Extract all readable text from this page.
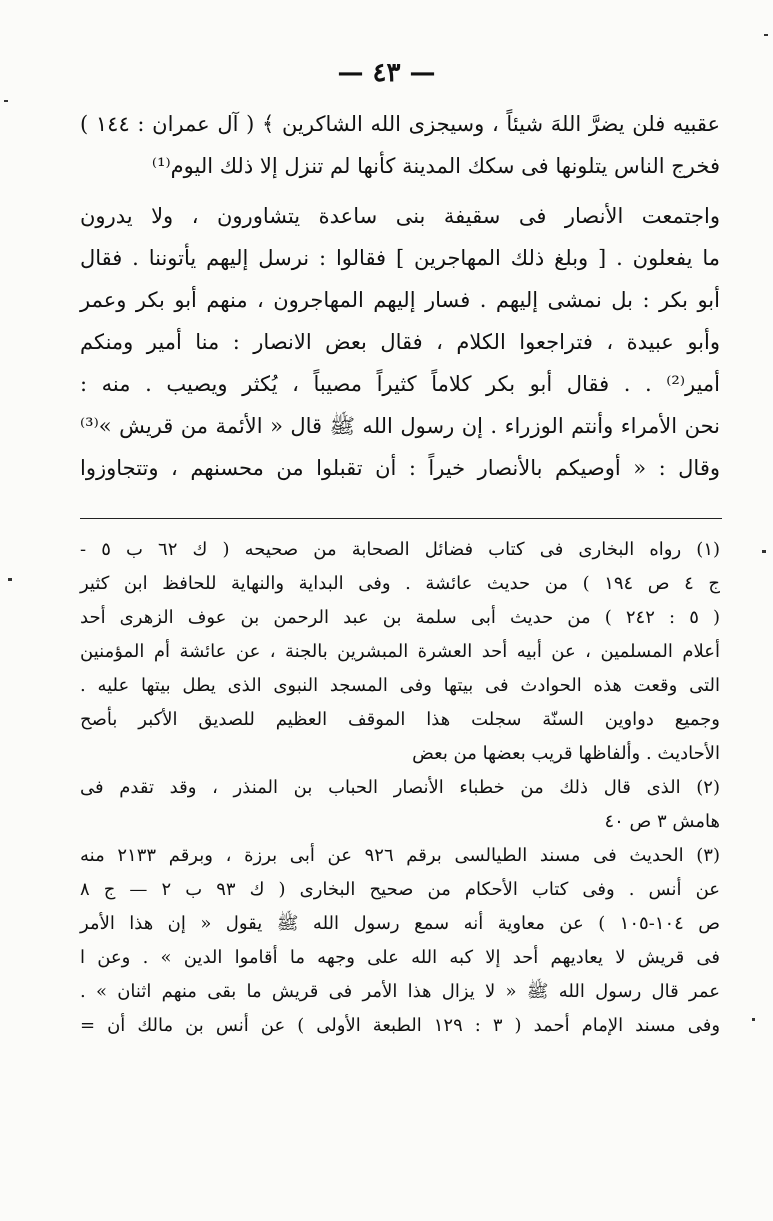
— ٤٣ —
عقبيه فلن يضرَّ اللهَ شيئاً ، وسيجزى الله الشاكرين ﴾ ( آل عمران : ١٤٤ )
فخرج الناس يتلونها فى سكك المدينة كأنها لم تنزل إلا ذلك اليوم⁽¹⁾
واجتمعت الأنصار فى سقيفة بنى ساعدة يتشاورون ، ولا يدرون
ما يفعلون . [ وبلغ ذلك المهاجرين ] فقالوا : نرسل إليهم يأتوننا . فقال
أبو بكر : بل نمشى إليهم . فسار إليهم المهاجرون ، منهم أبو بكر وعمر
وأبو عبيدة ، فتراجعوا الكلام ، فقال بعض الانصار : منا أمير ومنكم
أمير⁽²⁾ . . فقال أبو بكر كلاماً كثيراً مصيباً ، يُكثر ويصيب . منه :
نحن الأمراء وأنتم الوزراء . إن رسول الله ﷺ قال « الأئمة من قريش »⁽³⁾
وقال : « أوصيكم بالأنصار خيراً : أن تقبلوا من محسنهم ، وتتجاوزوا
(١) رواه البخارى فى كتاب فضائل الصحابة من صحيحه ( ك ٦٢ ب ٥ -
ج ٤ ص ١٩٤ ) من حديث عائشة . وفى البداية والنهاية للحافظ ابن كثير
( ٥ : ٢٤٢ ) من حديث أبى سلمة بن عبد الرحمن بن عوف الزهرى أحد
أعلام المسلمين ، عن أبيه أحد العشرة المبشرين بالجنة ، عن عائشة أم المؤمنين
التى وقعت هذه الحوادث فى بيتها وفى المسجد النبوى الذى يطل بيتها عليه .
وجميع دواوين السنّة سجلت هذا الموقف العظيم للصديق الأكبر بأصح
الأحاديث . وألفاظها قريب بعضها من بعض
(٢) الذى قال ذلك من خطباء الأنصار الحباب بن المنذر ، وقد تقدم فى
هامش ٣ ص ٤٠
(٣) الحديث فى مسند الطيالسى برقم ٩٢٦ عن أبى برزة ، وبرقم ٢١٣٣ منه
عن أنس . وفى كتاب الأحكام من صحيح البخارى ( ك ٩٣ ب ٢ — ج ٨
ص ١٠٤-١٠٥ ) عن معاوية أنه سمع رسول الله ﷺ يقول « إن هذا الأمر
فى قريش لا يعاديهم أحد إلا كبه الله على وجهه ما أقاموا الدين » . وعن ا
عمر قال رسول الله ﷺ « لا يزال هذا الأمر فى قريش ما بقى منهم اثنان » .
وفى مسند الإمام أحمد ( ٣ : ١٢٩ الطبعة الأولى ) عن أنس بن مالك أن =
